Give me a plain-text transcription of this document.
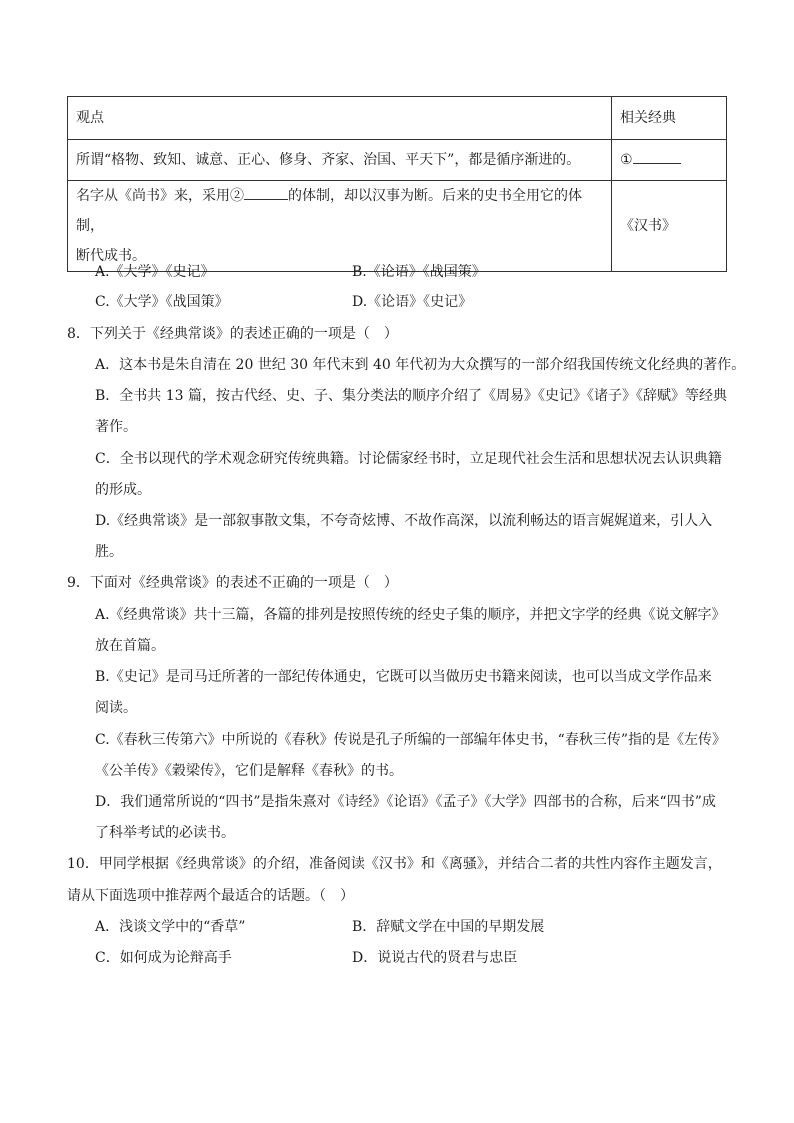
观点	相关经典
所谓“格物、致知、诚意、正心、修身、齐家、治国、平天下”，都是循序渐进的。	①

名字从《尚书》来，采用② 的体制，却以汉事为断。后来的史书全用它的体制，
断代成书。	《汉书》
A.《大学》《史记》	B.《论语》《战国策》
C.《大学》《战国策》	D.《论语》《史记》
8．下列关于《经典常谈》的表述正确的一项是（　）
A．这本书是朱自清在 20 世纪 30 年代末到 40 年代初为大众撰写的一部介绍我国传统文化经典的著作。
B．全书共 13 篇，按古代经、史、子、集分类法的顺序介绍了《周易》《史记》《诸子》《辞赋》等经典
著作。
C．全书以现代的学术观念研究传统典籍。讨论儒家经书时，立足现代社会生活和思想状况去认识典籍
的形成。
D.《经典常谈》是一部叙事散文集，不夸奇炫博、不故作高深，以流利畅达的语言娓娓道来，引人入
胜。
9．下面对《经典常谈》的表述不正确的一项是（　）
A.《经典常谈》共十三篇，各篇的排列是按照传统的经史子集的顺序，并把文字学的经典《说文解字》
放在首篇。
B.《史记》是司马迁所著的一部纪传体通史，它既可以当做历史书籍来阅读，也可以当成文学作品来
阅读。
C.《春秋三传第六》中所说的《春秋》传说是孔子所编的一部编年体史书，“春秋三传”指的是《左传》
《公羊传》《穀梁传》，它们是解释《春秋》的书。
D．我们通常所说的“四书”是指朱熹对《诗经》《论语》《孟子》《大学》四部书的合称，后来“四书”成
了科举考试的必读书。
10．甲同学根据《经典常谈》的介绍，准备阅读《汉书》和《离骚》，并结合二者的共性内容作主题发言，
请从下面选项中推荐两个最适合的话题。（　）
A．浅谈文学中的“香草”	B．辞赋文学在中国的早期发展
C．如何成为论辩高手	D．说说古代的贤君与忠臣
